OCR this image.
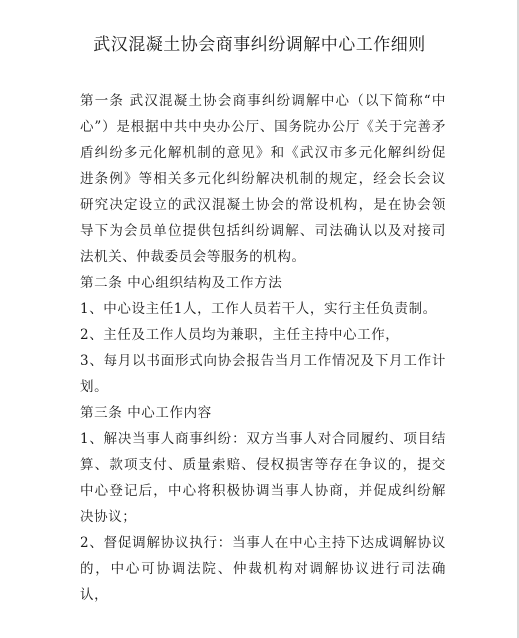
武汉混凝土协会商事纠纷调解中心工作细则

第一条 武汉混凝土协会商事纠纷调解中心（以下简称“中心”）是根据中共中央办公厅、国务院办公厅《关于完善矛盾纠纷多元化解机制的意见》和《武汉市多元化解纠纷促进条例》等相关多元化纠纷解决机制的规定，经会长会议研究决定设立的武汉混凝土协会的常设机构，是在协会领导下为会员单位提供包括纠纷调解、司法确认以及对接司法机关、仲裁委员会等服务的机构。

第二条 中心组织结构及工作方法

1、中心设主任1人，工作人员若干人，实行主任负责制。

2、主任及工作人员均为兼职，主任主持中心工作，

3、每月以书面形式向协会报告当月工作情况及下月工作计划。

第三条 中心工作内容

1、解决当事人商事纠纷：双方当事人对合同履约、项目结算、款项支付、质量索赔、侵权损害等存在争议的，提交中心登记后，中心将积极协调当事人协商，并促成纠纷解决协议；

2、督促调解协议执行：当事人在中心主持下达成调解协议的，中心可协调法院、仲裁机构对调解协议进行司法确认，
